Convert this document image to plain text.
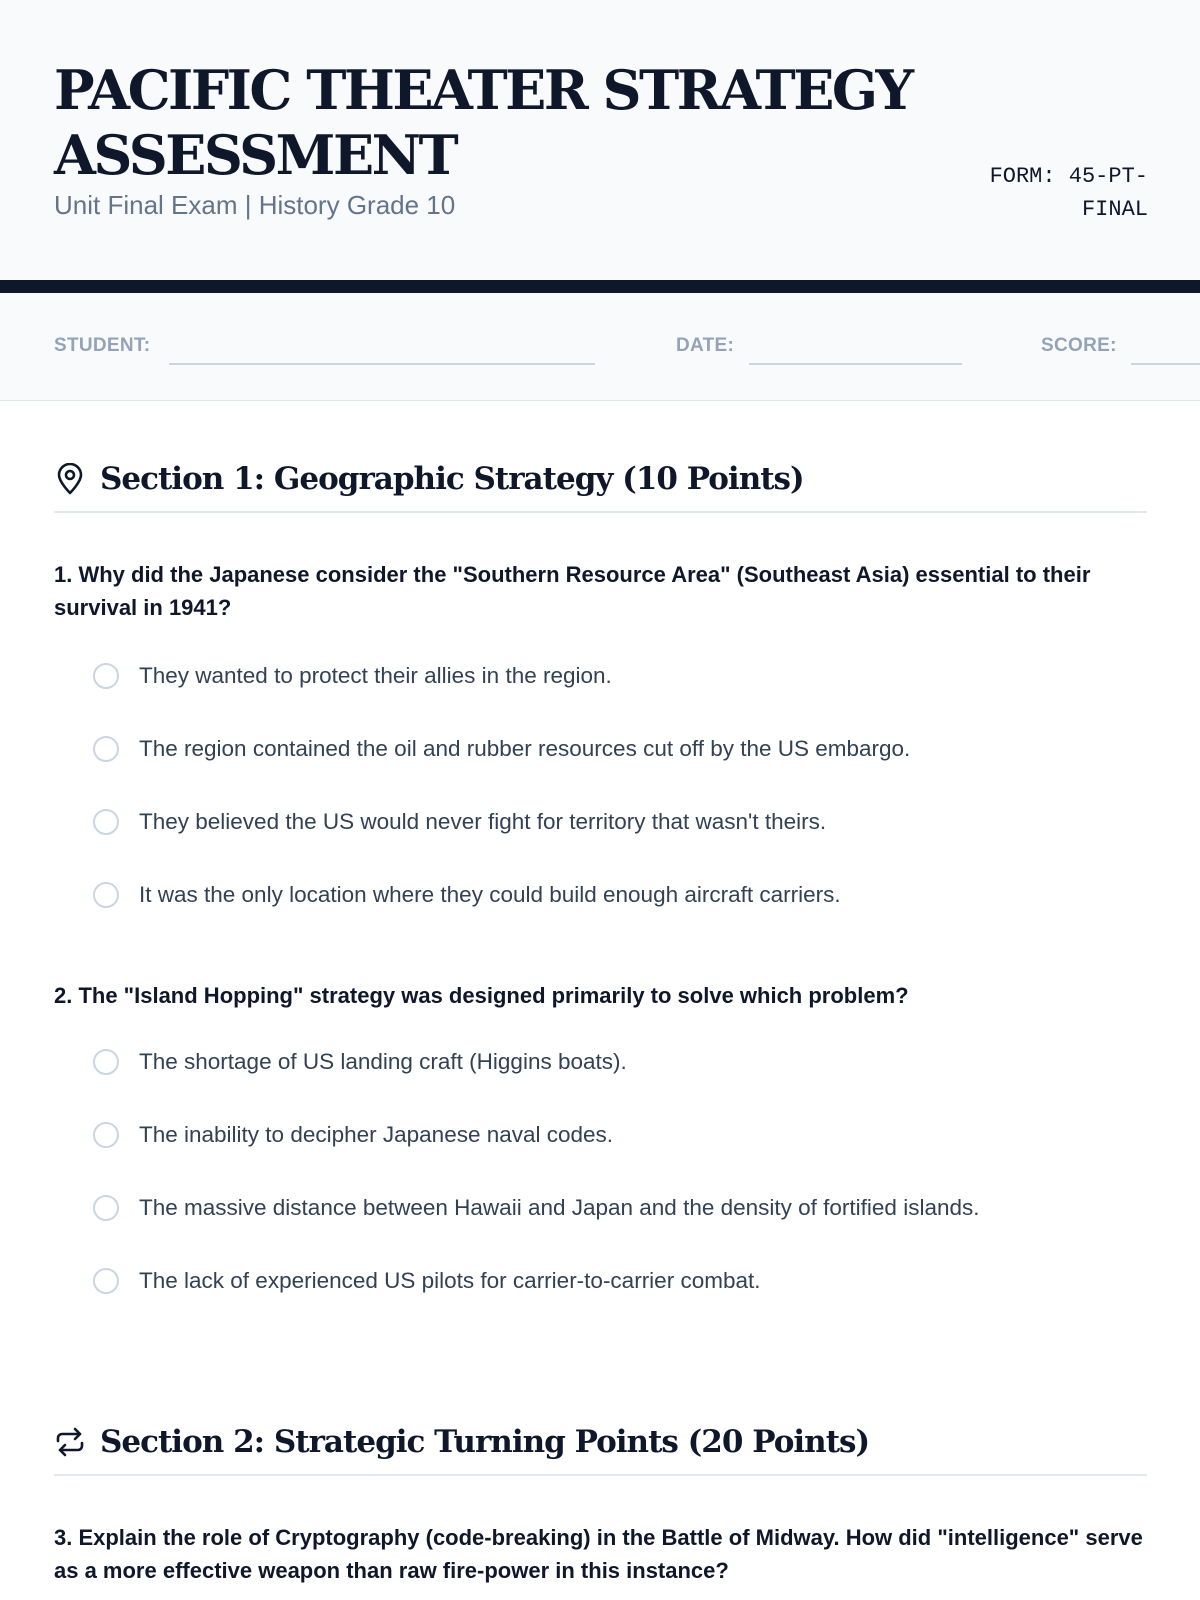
PACIFIC THEATER STRATEGY ASSESSMENT
Unit Final Exam | History Grade 10
FORM: 45-PT-FINAL
STUDENT:	DATE:	SCORE:
Section 1: Geographic Strategy (10 Points)
1. Why did the Japanese consider the "Southern Resource Area" (Southeast Asia) essential to their survival in 1941?
They wanted to protect their allies in the region.
The region contained the oil and rubber resources cut off by the US embargo.
They believed the US would never fight for territory that wasn't theirs.
It was the only location where they could build enough aircraft carriers.
2. The "Island Hopping" strategy was designed primarily to solve which problem?
The shortage of US landing craft (Higgins boats).
The inability to decipher Japanese naval codes.
The massive distance between Hawaii and Japan and the density of fortified islands.
The lack of experienced US pilots for carrier-to-carrier combat.
Section 2: Strategic Turning Points (20 Points)
3. Explain the role of Cryptography (code-breaking) in the Battle of Midway. How did "intelligence" serve as a more effective weapon than raw fire-power in this instance?
